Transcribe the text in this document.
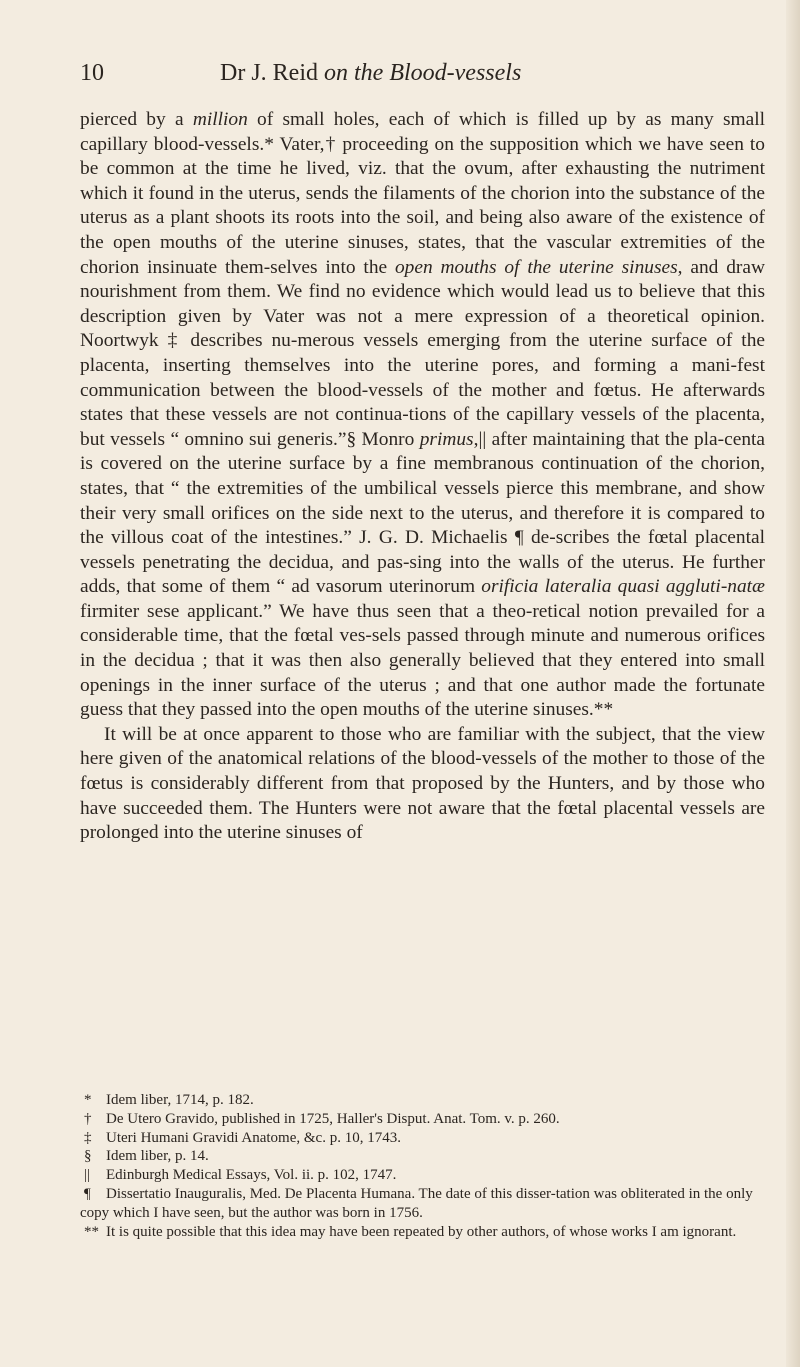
10	Dr J. Reid on the Blood-vessels

pierced by a million of small holes, each of which is filled up by as many small capillary blood-vessels.* Vater,† proceeding on the supposition which we have seen to be common at the time he lived, viz. that the ovum, after exhausting the nutriment which it found in the uterus, sends the filaments of the chorion into the substance of the uterus as a plant shoots its roots into the soil, and being also aware of the existence of the open mouths of the uterine sinuses, states, that the vascular extremities of the chorion insinuate them-selves into the open mouths of the uterine sinuses, and draw nourishment from them. We find no evidence which would lead us to believe that this description given by Vater was not a mere expression of a theoretical opinion. Noortwyk ‡ describes nu-merous vessels emerging from the uterine surface of the placenta, inserting themselves into the uterine pores, and forming a mani-fest communication between the blood-vessels of the mother and fœtus. He afterwards states that these vessels are not continua-tions of the capillary vessels of the placenta, but vessels “ omnino sui generis.”§ Monro primus,|| after maintaining that the pla-centa is covered on the uterine surface by a fine membranous continuation of the chorion, states, that “ the extremities of the umbilical vessels pierce this membrane, and show their very small orifices on the side next to the uterus, and therefore it is compared to the villous coat of the intestines.” J. G. D. Michaelis ¶ de-scribes the fœtal placental vessels penetrating the decidua, and pas-sing into the walls of the uterus. He further adds, that some of them “ ad vasorum uterinorum orificia lateralia quasi aggluti-natæ firmiter sese applicant.” We have thus seen that a theo-retical notion prevailed for a considerable time, that the fœtal ves-sels passed through minute and numerous orifices in the decidua ; that it was then also generally believed that they entered into small openings in the inner surface of the uterus ; and that one author made the fortunate guess that they passed into the open mouths of the uterine sinuses.**

It will be at once apparent to those who are familiar with the subject, that the view here given of the anatomical relations of the blood-vessels of the mother to those of the fœtus is considerably different from that proposed by the Hunters, and by those who have succeeded them. The Hunters were not aware that the fœtal placental vessels are prolonged into the uterine sinuses of

* Idem liber, 1714, p. 182.

† De Utero Gravido, published in 1725, Haller's Disput. Anat. Tom. v. p. 260.

‡ Uteri Humani Gravidi Anatome, &c. p. 10, 1743.

§ Idem liber, p. 14.

|| Edinburgh Medical Essays, Vol. ii. p. 102, 1747.

¶ Dissertatio Inauguralis, Med. De Placenta Humana. The date of this disser-tation was obliterated in the only copy which I have seen, but the author was born in 1756.

** It is quite possible that this idea may have been repeated by other authors, of whose works I am ignorant.
